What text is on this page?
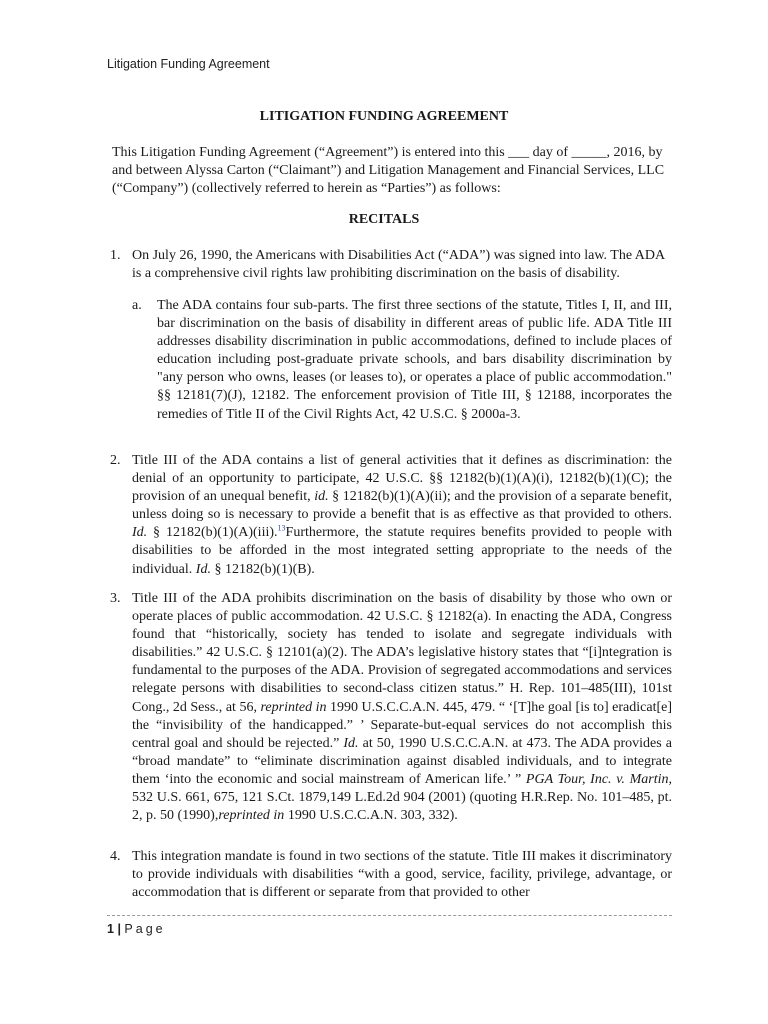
Litigation Funding Agreement
LITIGATION FUNDING AGREEMENT

This Litigation Funding Agreement (“Agreement”) is entered into this ___ day of _____, 2016, by and between Alyssa Carton (“Claimant”) and Litigation Management and Financial Services, LLC (“Company”) (collectively referred to herein as “Parties”) as follows:

RECITALS
1. On July 26, 1990, the Americans with Disabilities Act (“ADA”) was signed into law. The ADA is a comprehensive civil rights law prohibiting discrimination on the basis of disability.

a. The ADA contains four sub-parts. The first three sections of the statute, Titles I, II, and III, bar discrimination on the basis of disability in different areas of public life. ADA Title III addresses disability discrimination in public accommodations, defined to include places of education including post-graduate private schools, and bars disability discrimination by "any person who owns, leases (or leases to), or operates a place of public accommodation." §§ 12181(7)(J), 12182. The enforcement provision of Title III, § 12188, incorporates the remedies of Title II of the Civil Rights Act, 42 U.S.C. § 2000a-3.

2. Title III of the ADA contains a list of general activities that it defines as discrimination: the denial of an opportunity to participate, 42 U.S.C. §§ 12182(b)(1)(A)(i), 12182(b)(1)(C); the provision of an unequal benefit, id. § 12182(b)(1)(A)(ii); and the provision of a separate benefit, unless doing so is necessary to provide a benefit that is as effective as that provided to others. Id. § 12182(b)(1)(A)(iii).$^{13}$Furthermore, the statute requires benefits provided to people with disabilities to be afforded in the most integrated setting appropriate to the needs of the individual. Id. § 12182(b)(1)(B).

3. Title III of the ADA prohibits discrimination on the basis of disability by those who own or operate places of public accommodation. 42 U.S.C. § 12182(a). In enacting the ADA, Congress found that “historically, society has tended to isolate and segregate individuals with disabilities.” 42 U.S.C. § 12101(a)(2). The ADA’s legislative history states that “[i]ntegration is fundamental to the purposes of the ADA. Provision of segregated accommodations and services relegate persons with disabilities to second-class citizen status.” H. Rep. 101–485(III), 101st Cong., 2d Sess., at 56, reprinted in 1990 U.S.C.C.A.N. 445, 479. “ ‘[T]he goal [is to] eradicat[e] the “invisibility of the handicapped.” ’ Separate-but-equal services do not accomplish this central goal and should be rejected.” Id. at 50, 1990 U.S.C.C.A.N. at 473. The ADA provides a “broad mandate” to “eliminate discrimination against disabled individuals, and to integrate them ‘into the economic and social mainstream of American life.’ ” PGA Tour, Inc. v. Martin, 532 U.S. 661, 675, 121 S.Ct. 1879,149 L.Ed.2d 904 (2001) (quoting H.R.Rep. No. 101–485, pt. 2, p. 50 (1990),reprinted in 1990 U.S.C.C.A.N. 303, 332).

4. This integration mandate is found in two sections of the statute. Title III makes it discriminatory to provide individuals with disabilities “with a good, service, facility, privilege, advantage, or accommodation that is different or separate from that provided to other

1 | Page
